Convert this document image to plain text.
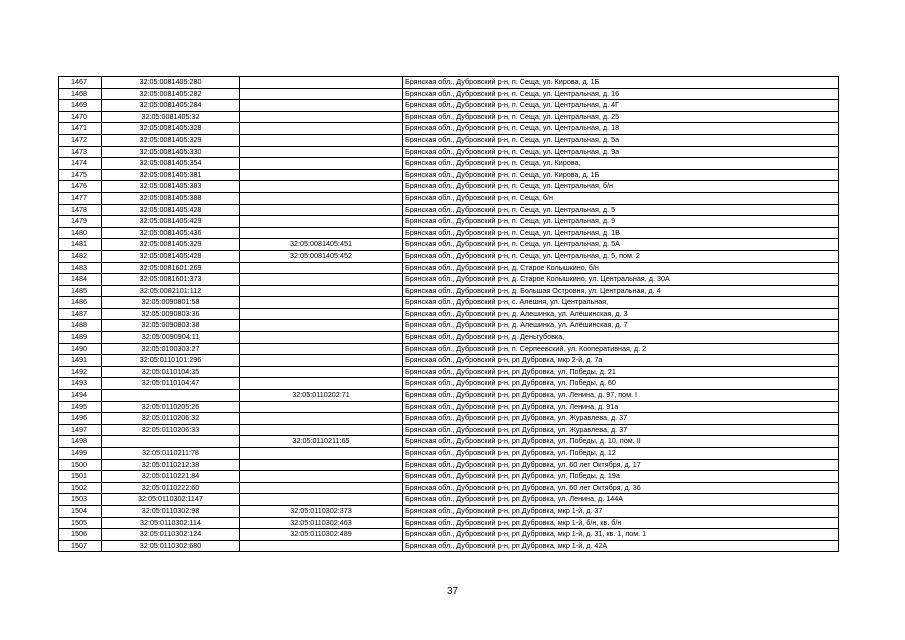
1467	32:05:0081405:280		Брянская обл., Дубровский р-н, п. Сеща, ул. Кирова, д. 1Б
1468	32:05:0081405:282		Брянская обл., Дубровский р-н, п. Сеща, ул. Центральная, д. 16
1469	32:05:0081405:284		Брянская обл., Дубровский р-н, п. Сеща, ул. Центральная, д. 4Г
1470	32:05:0081405:32		Брянская обл., Дубровский р-н, п. Сеща, ул. Центральная, д. 25
1471	32:05:0081405:328		Брянская обл., Дубровский р-н, п. Сеща, ул. Центральная, д. 18
1472	32:05:0081405:329		Брянская обл., Дубровский р-н, п. Сеща, ул. Центральная, д. 5а
1473	32:05:0081405:330		Брянская обл., Дубровский р-н, п. Сеща, ул. Центральная, д. 9а
1474	32:05:0081405:354		Брянская обл., Дубровский р-н, п. Сеща, ул. Кирова,
1475	32:05:0081405:381		Брянская обл., Дубровский р-н, п. Сеща, ул. Кирова, д. 1Б
1476	32:05:0081405:383		Брянская обл., Дубровский р-н, п. Сеща, ул. Центральная, б/н
1477	32:05:0081405:388		Брянская обл., Дубровский р-н, п. Сеща, б/н
1478	32:05:0081405:428		Брянская обл., Дубровский р-н, п. Сеща, ул. Центральная, д. 5
1479	32:05:0081405:429		Брянская обл., Дубровский р-н, п. Сеща, ул. Центральная, д. 9
1480	32:05:0081405:436		Брянская обл., Дубровский р-н, п. Сеща, ул. Центральная, д. 1В
1481	32:05:0081405:329	32:05:0081405:451	Брянская обл., Дубровский р-н, п. Сеща, ул. Центральная, д. 5А
1482	32:05:0081405:428	32:05:0081405:452	Брянская обл., Дубровский р-н, п. Сеща, ул. Центральная, д. 5, пом. 2
1483	32:05:0081601:269		Брянская обл., Дубровский р-н, д. Старое Колышкино, б/н
1484	32:05:0081601:373		Брянская обл., Дубровский р-н, д. Старое Колышкино, ул. Центральная, д. 30А
1485	32:05:0082101:112		Брянская обл., Дубровский р-н, д. Большая Островня, ул. Центральная, д. 4
1486	32:05:0090801:58		Брянская обл., Дубровский р-н, с. Алешня, ул. Центральная,
1487	32:05:0090803:36		Брянская обл., Дубровский р-н, д. Алешинка, ул. Алёшинская, д. 3
1488	32:05:0090803:38		Брянская обл., Дубровский р-н, д. Алешинка, ул. Алёшинская, д. 7
1489	32:05:0090904:11		Брянская обл., Дубровский р-н, д. Деньгубовка,
1490	32:05:0100303:27		Брянская обл., Дубровский р-н, п. Серпеевский, ул. Кооперативная, д. 2
1491	32:05:0110101:296		Брянская обл., Дубровский р-н, рп Дубровка, мкр 2-й, д. 7а
1492	32:05:0110104:35		Брянская обл., Дубровский р-н, рп Дубровка, ул. Победы, д. 21
1493	32:05:0110104:47		Брянская обл., Дубровский р-н, рп Дубровка, ул. Победы, д. 60
1494		32:05:0110202:71	Брянская обл., Дубровский р-н, рп Дубровка, ул. Ленина, д. 97, пом. I
1495	32:05:0110205:26		Брянская обл., Дубровский р-н, рп Дубровка, ул. Ленина, д. 91а
1496	32:05:0110206:32		Брянская обл., Дубровский р-н, рп Дубровка, ул. Журавлева, д. 37
1497	32:05:0110206:33		Брянская обл., Дубровский р-н, рп Дубровка, ул. Журавлева, д. 37
1498		32:05:0110211:65	Брянская обл., Дубровский р-н, рп Дубровка, ул. Победы, д. 10, пом. II
1499	32:05:0110211:78		Брянская обл., Дубровский р-н, рп Дубровка, ул. Победы, д. 12
1500	32:05:0110212:38		Брянская обл., Дубровский р-н, рп Дубровка, ул. 60 лет Октября, д. 17
1501	32:05:0110221:84		Брянская обл., Дубровский р-н, рп Дубровка, ул. Победы, д. 19а
1502	32:05:0110222:60		Брянская обл., Дубровский р-н, рп Дубровка, ул. 60 лет Октября, д. 36
1503	32:05:0110302:1147		Брянская обл., Дубровский р-н, рп Дубровка, ул. Ленина, д. 144А
1504	32:05:0110302:98	32:05:0110302:373	Брянская обл., Дубровский р-н, рп Дубровка, мкр 1-й, д. 37
1505	32:05:0110302:114	32:05:0110302:463	Брянская обл., Дубровский р-н, рп Дубровка, мкр 1-й, б/н, кв. б/н
1506	32:05:0110302:124	32:05:0110302:489	Брянская обл., Дубровский р-н, рп Дубровка, мкр 1-й, д. 31, кв. 1, пом. 1
1507	32:05:0110302:680		Брянская обл., Дубровский р-н, рп Дубровка, мкр 1-й, д. 42А
37
